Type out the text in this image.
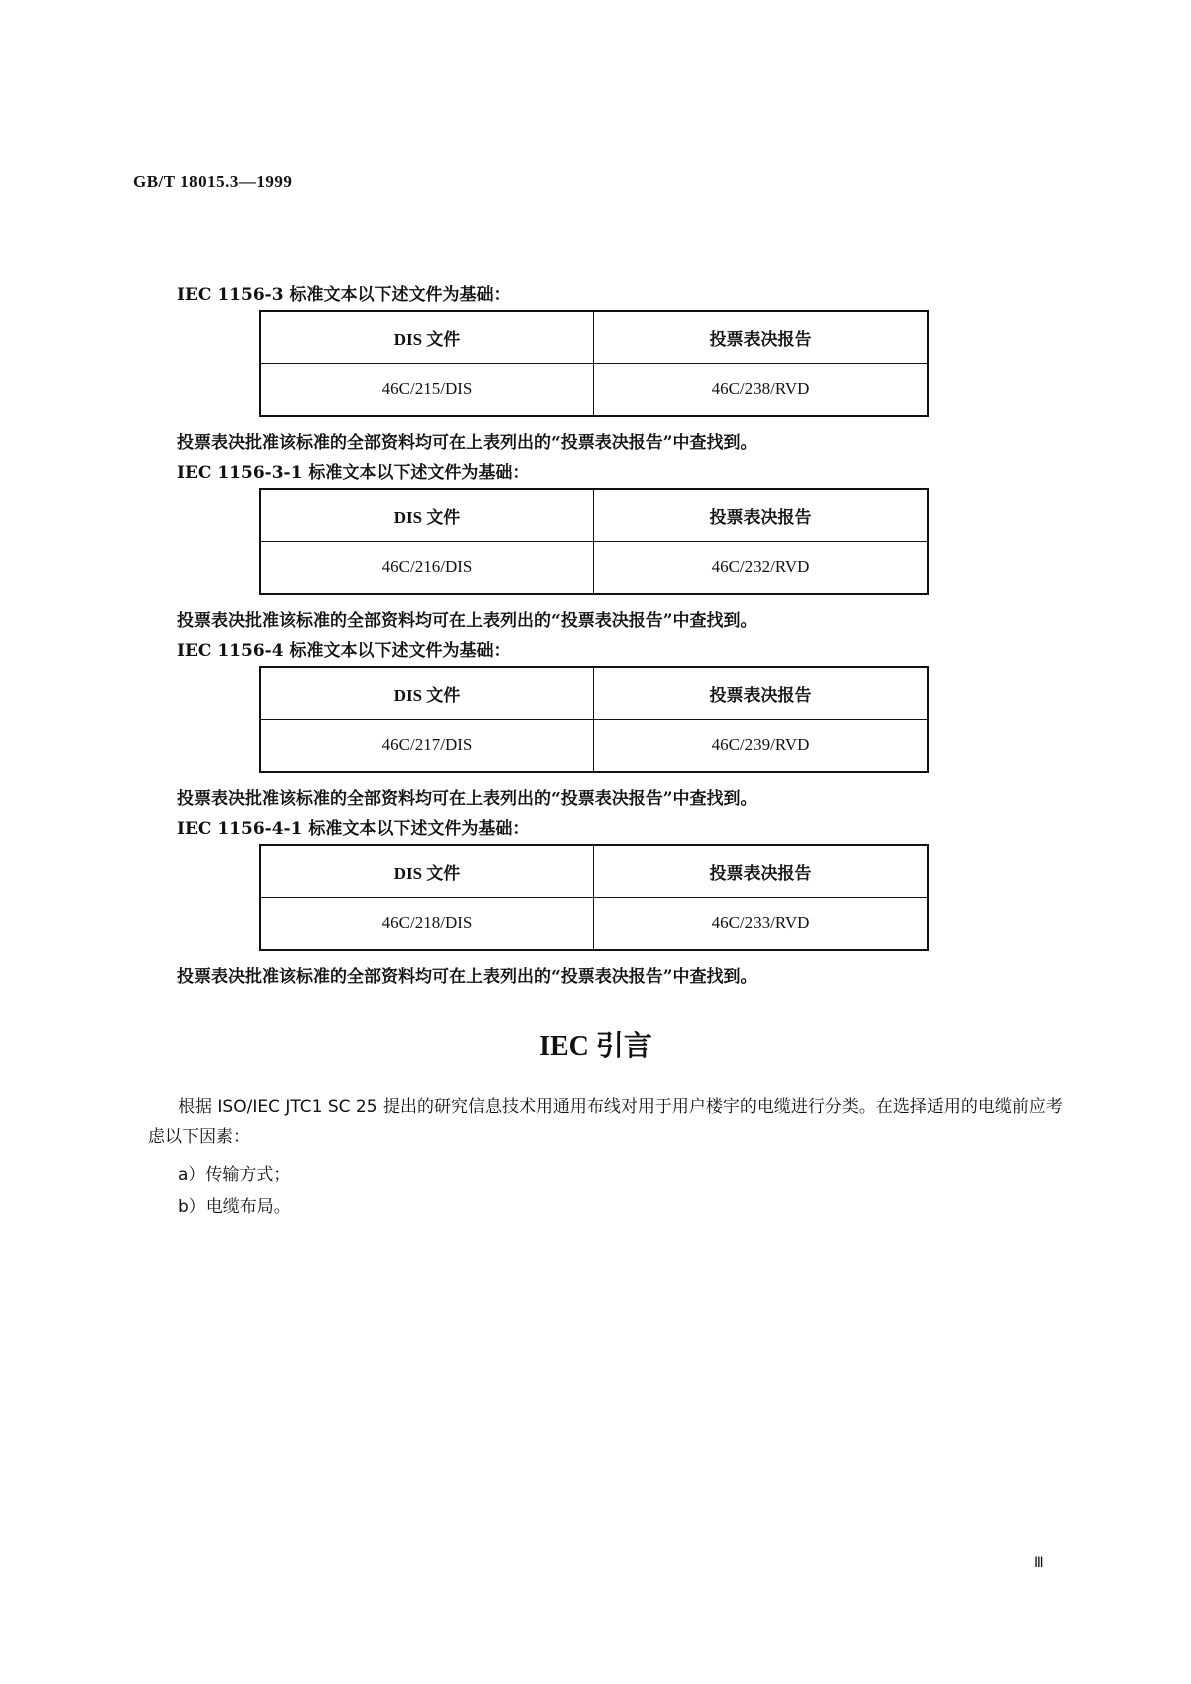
GB/T 18015.3—1999
IEC 1156-3 标准文本以下述文件为基础：
DIS 文件	投票表决报告
46C/215/DIS	46C/238/RVD
投票表决批准该标准的全部资料均可在上表列出的“投票表决报告”中查找到。
IEC 1156-3-1 标准文本以下述文件为基础：
DIS 文件	投票表决报告
46C/216/DIS	46C/232/RVD
投票表决批准该标准的全部资料均可在上表列出的“投票表决报告”中查找到。
IEC 1156-4 标准文本以下述文件为基础：
DIS 文件	投票表决报告
46C/217/DIS	46C/239/RVD
投票表决批准该标准的全部资料均可在上表列出的“投票表决报告”中查找到。
IEC 1156-4-1 标准文本以下述文件为基础：
DIS 文件	投票表决报告
46C/218/DIS	46C/233/RVD
投票表决批准该标准的全部资料均可在上表列出的“投票表决报告”中查找到。
IEC 引言
根据 ISO/IEC JTC1 SC 25 提出的研究信息技术用通用布线对用于用户楼宇的电缆进行分类。在选择适用的电缆前应考虑以下因素：
a）传输方式；
b）电缆布局。
Ⅲ
